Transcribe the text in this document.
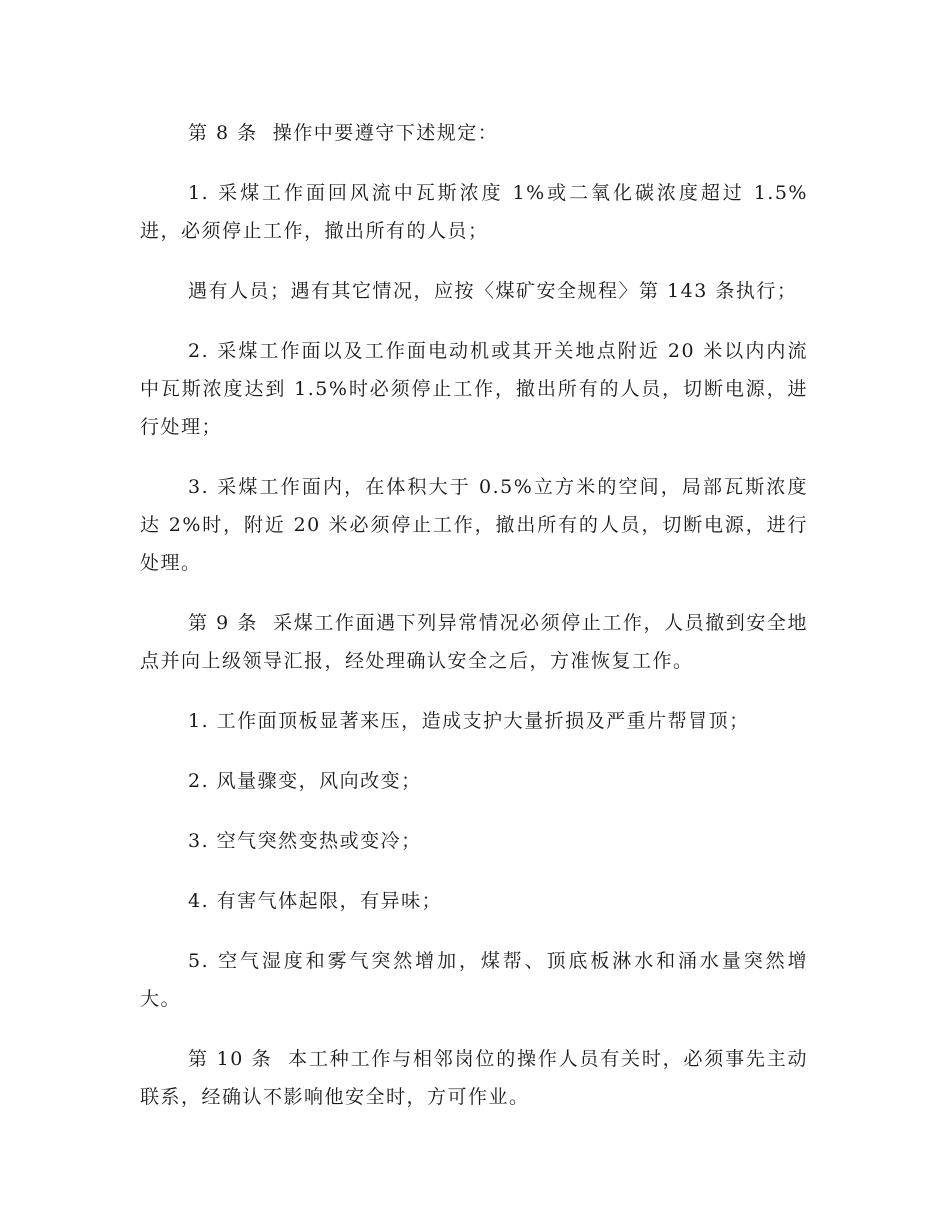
第 8 条  操作中要遵守下述规定：

1. 采煤工作面回风流中瓦斯浓度 1%或二氧化碳浓度超过 1.5%进，必须停止工作，撤出所有的人员；

遇有人员；遇有其它情况，应按〈煤矿安全规程〉第 143 条执行；

2. 采煤工作面以及工作面电动机或其开关地点附近 20 米以内内流中瓦斯浓度达到 1.5%时必须停止工作，撤出所有的人员，切断电源，进行处理；

3. 采煤工作面内，在体积大于 0.5%立方米的空间，局部瓦斯浓度达 2%时，附近 20 米必须停止工作，撤出所有的人员，切断电源，进行处理。

第 9 条  采煤工作面遇下列异常情况必须停止工作，人员撤到安全地点并向上级领导汇报，经处理确认安全之后，方准恢复工作。

1. 工作面顶板显著来压，造成支护大量折损及严重片帮冒顶；

2. 风量骤变，风向改变；

3. 空气突然变热或变冷；

4. 有害气体起限，有异味；

5. 空气湿度和雾气突然增加，煤帮、顶底板淋水和涌水量突然增大。

第 10 条  本工种工作与相邻岗位的操作人员有关时，必须事先主动联系，经确认不影响他安全时，方可作业。
